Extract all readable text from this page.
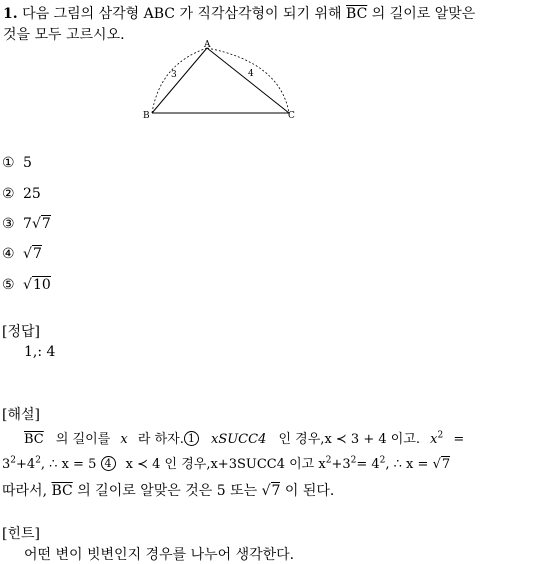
1. 다음 그림의 삼각형 ABC 가 직각삼각형이 되기 위해 $\overline{BC}$ 의 길이로 알맞은
것을 모두 고르시오.
A
B	C
3	4
① 5
② 25
③ 7√7
④ √7
⑤ √10
[정답]
1,: 4
[해설]
$\overline{BC}$ 의 길이를 x 라 하자. 1 xSUCC4 인 경우,x ≺ 3 + 4 이고. $x^2$ =
$3^2+4^2$, ∴ x = 5 4 x ≺ 4 인 경우,x+3SUCC4 이고 $x^2+3^2= 4^2$, ∴ x = √7
따라서, $\overline{BC}$ 의 길이로 알맞은 것은 5 또는 √7 이 된다.
[힌트]
어떤 변이 빗변인지 경우를 나누어 생각한다.
